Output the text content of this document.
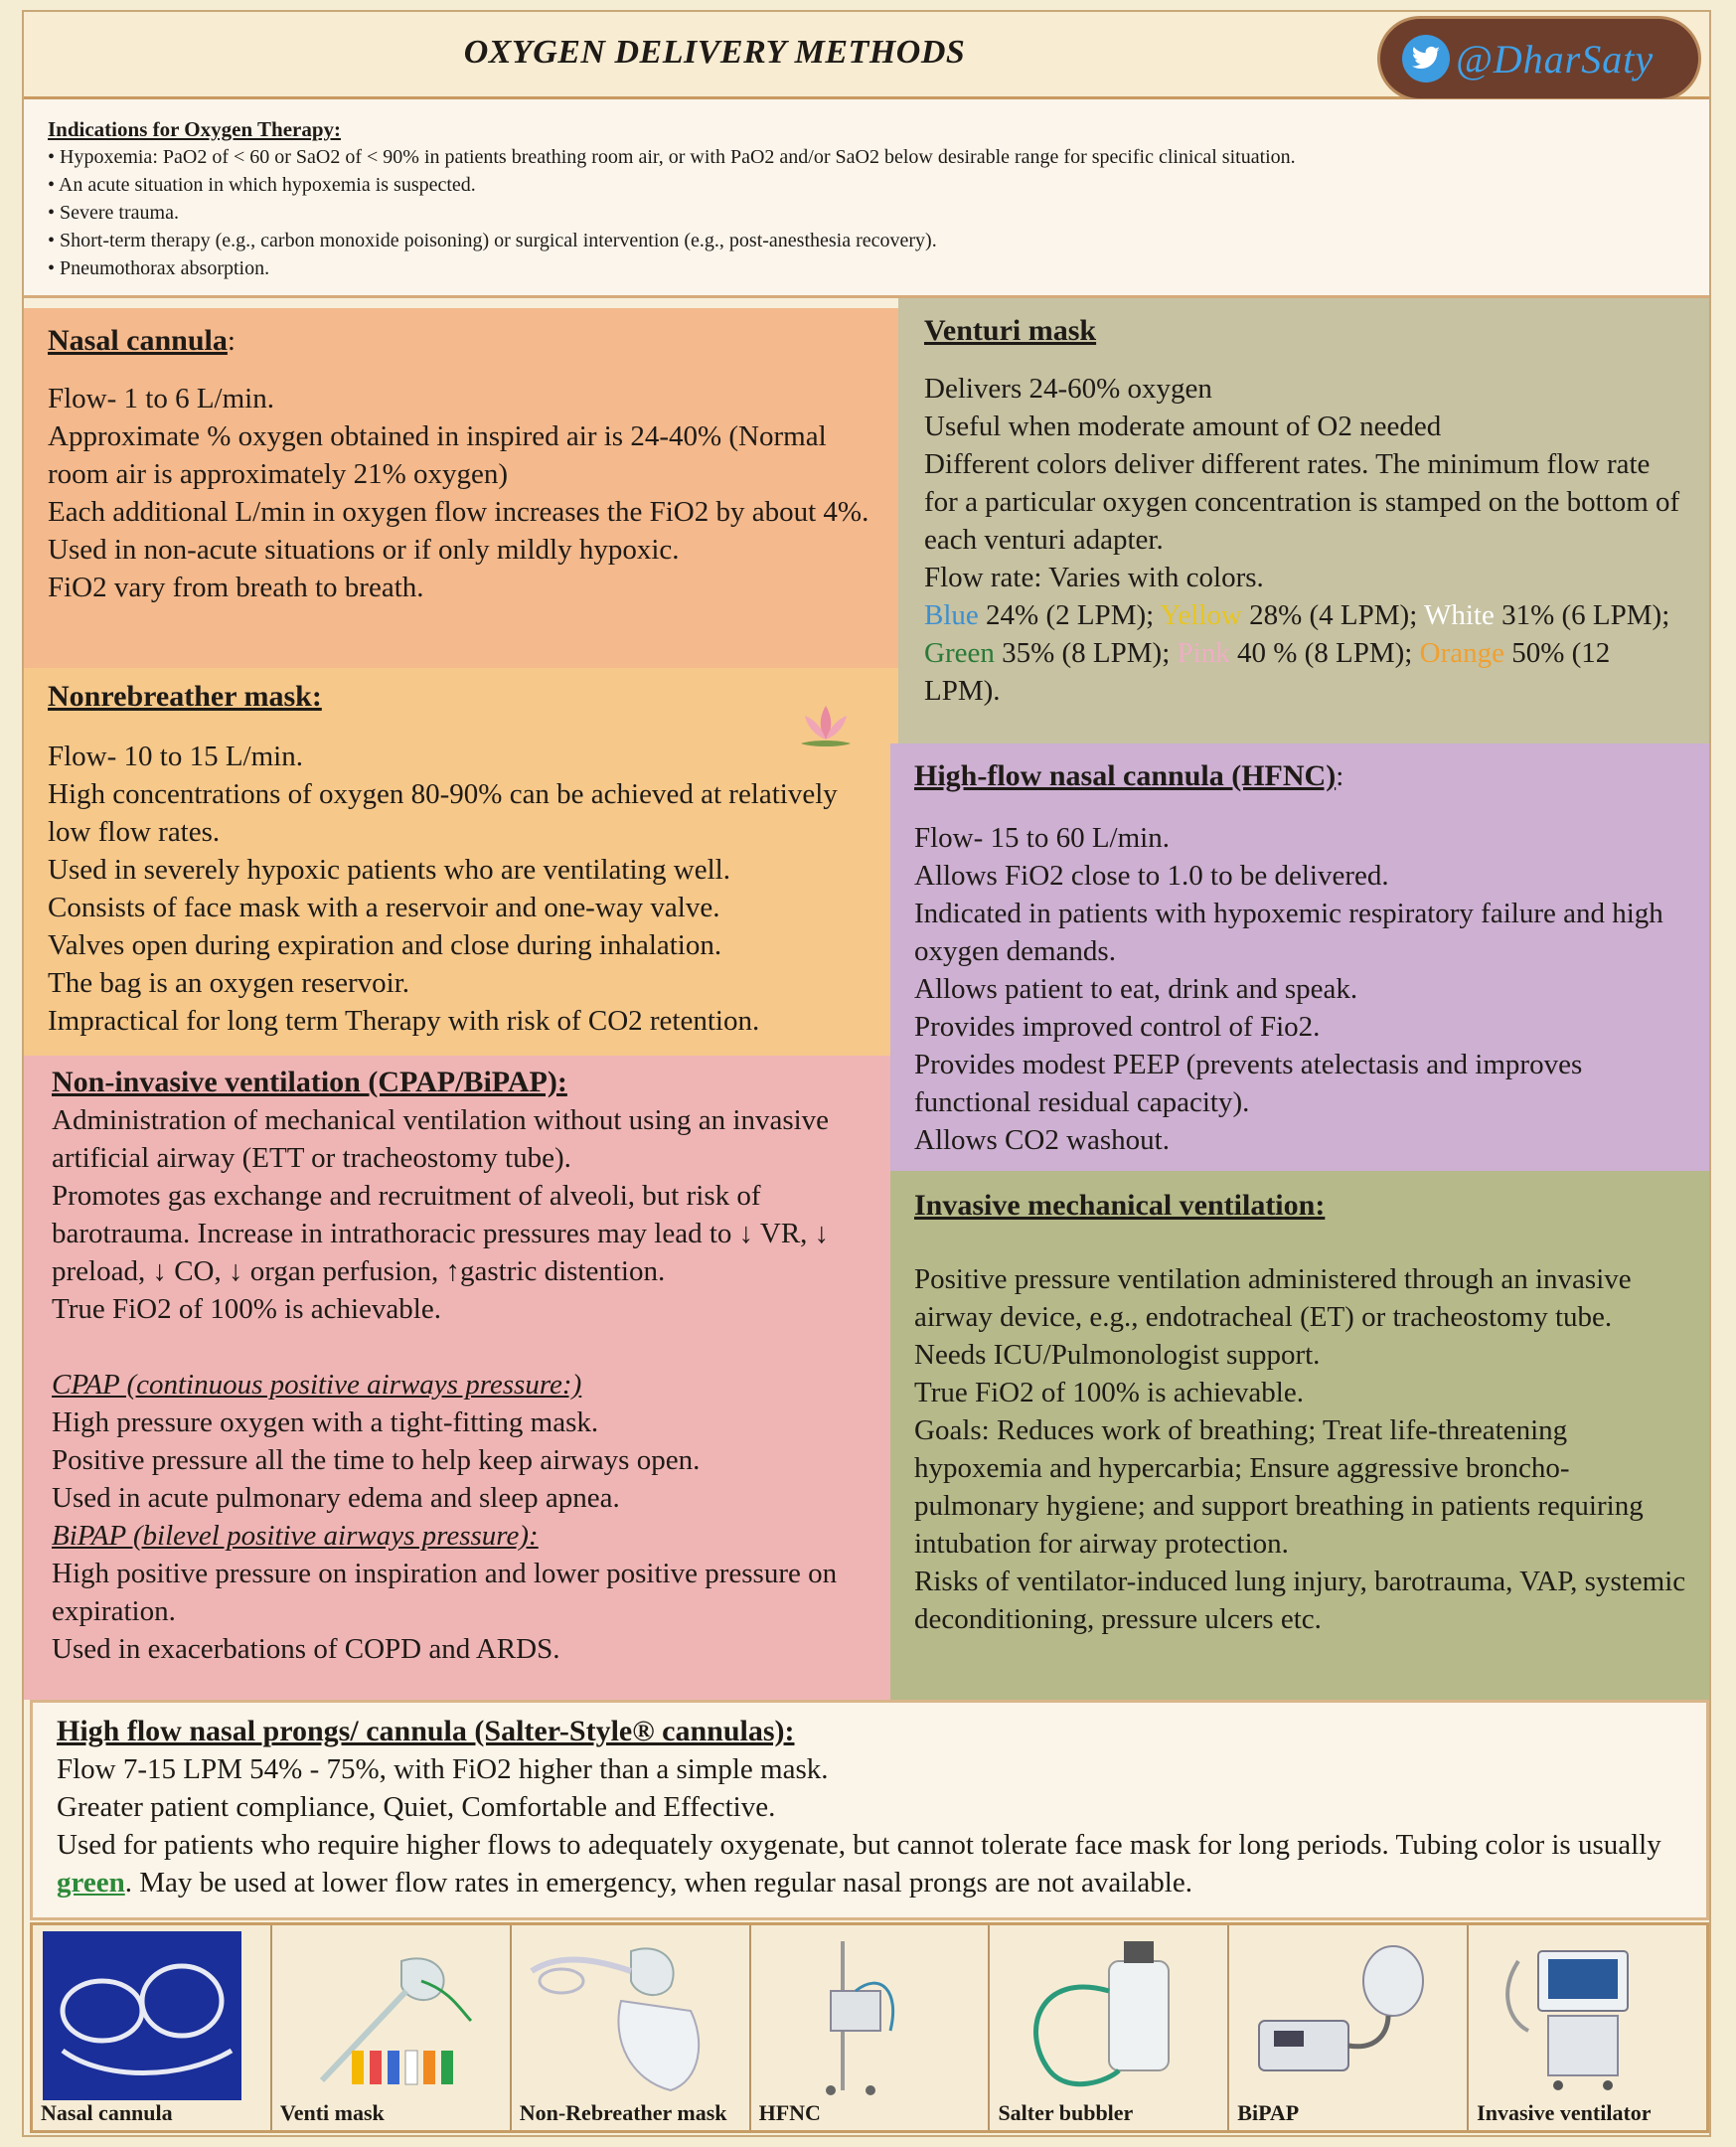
OXYGEN DELIVERY METHODS	@DharSaty
Indications for Oxygen Therapy:
• Hypoxemia: PaO2 of < 60 or SaO2 of < 90% in patients breathing room air, or with PaO2 and/or SaO2 below desirable range for specific clinical situation.
• An acute situation in which hypoxemia is suspected.
• Severe trauma.
• Short-term therapy (e.g., carbon monoxide poisoning) or surgical intervention (e.g., post-anesthesia recovery).
• Pneumothorax absorption.

Nasal cannula:

Flow- 1 to 6 L/min.

Approximate % oxygen obtained in inspired air is 24-40% (Normal room air is approximately 21% oxygen)

Each additional L/min in oxygen flow increases the FiO2 by about 4%.

Used in non-acute situations or if only mildly hypoxic.

FiO2 vary from breath to breath.

Nonrebreather mask:

Flow- 10 to 15 L/min.

High concentrations of oxygen 80-90% can be achieved at relatively low flow rates.

Used in severely hypoxic patients who are ventilating well.

Consists of face mask with a reservoir and one-way valve.

Valves open during expiration and close during inhalation.

The bag is an oxygen reservoir.

Impractical for long term Therapy with risk of CO2 retention.

Non-invasive ventilation (CPAP/BiPAP):

Administration of mechanical ventilation without using an invasive artificial airway (ETT or tracheostomy tube).

Promotes gas exchange and recruitment of alveoli, but risk of barotrauma. Increase in intrathoracic pressures may lead to ↓ VR, ↓ preload, ↓ CO, ↓ organ perfusion, ↑gastric distention.

True FiO2 of 100% is achievable.

CPAP (continuous positive airways pressure:)

High pressure oxygen with a tight-fitting mask.

Positive pressure all the time to help keep airways open.

Used in acute pulmonary edema and sleep apnea.

BiPAP (bilevel positive airways pressure):

High positive pressure on inspiration and lower positive pressure on expiration.

Used in exacerbations of COPD and ARDS.

Venturi mask

Delivers 24-60% oxygen

Useful when moderate amount of O2 needed

Different colors deliver different rates. The minimum flow rate for a particular oxygen concentration is stamped on the bottom of each venturi adapter.

Flow rate: Varies with colors.

Blue 24% (2 LPM); Yellow 28% (4 LPM); White 31% (6 LPM); Green 35% (8 LPM); Pink 40 % (8 LPM); Orange 50% (12 LPM).

High-flow nasal cannula (HFNC):

Flow- 15 to 60 L/min.

Allows FiO2 close to 1.0 to be delivered.

Indicated in patients with hypoxemic respiratory failure and high oxygen demands.

Allows patient to eat, drink and speak.

Provides improved control of Fio2.

Provides modest PEEP (prevents atelectasis and improves functional residual capacity).

Allows CO2 washout.

Invasive mechanical ventilation:

Positive pressure ventilation administered through an invasive airway device, e.g., endotracheal (ET) or tracheostomy tube.

Needs ICU/Pulmonologist support.

True FiO2 of 100% is achievable.

Goals: Reduces work of breathing; Treat life-threatening hypoxemia and hypercarbia; Ensure aggressive broncho-pulmonary hygiene; and support breathing in patients requiring intubation for airway protection.

Risks of ventilator-induced lung injury, barotrauma, VAP, systemic deconditioning, pressure ulcers etc.

High flow nasal prongs/ cannula (Salter-Style® cannulas):

Flow 7-15 LPM 54% - 75%, with FiO2 higher than a simple mask.

Greater patient compliance, Quiet, Comfortable and Effective.

Used for patients who require higher flows to adequately oxygenate, but cannot tolerate face mask for long periods. Tubing color is usually green. May be used at lower flow rates in emergency, when regular nasal prongs are not available.

Nasal cannula	Venti mask	Non-Rebreather mask HFNC	Salter bubbler	BiPAP	Invasive ventilator
